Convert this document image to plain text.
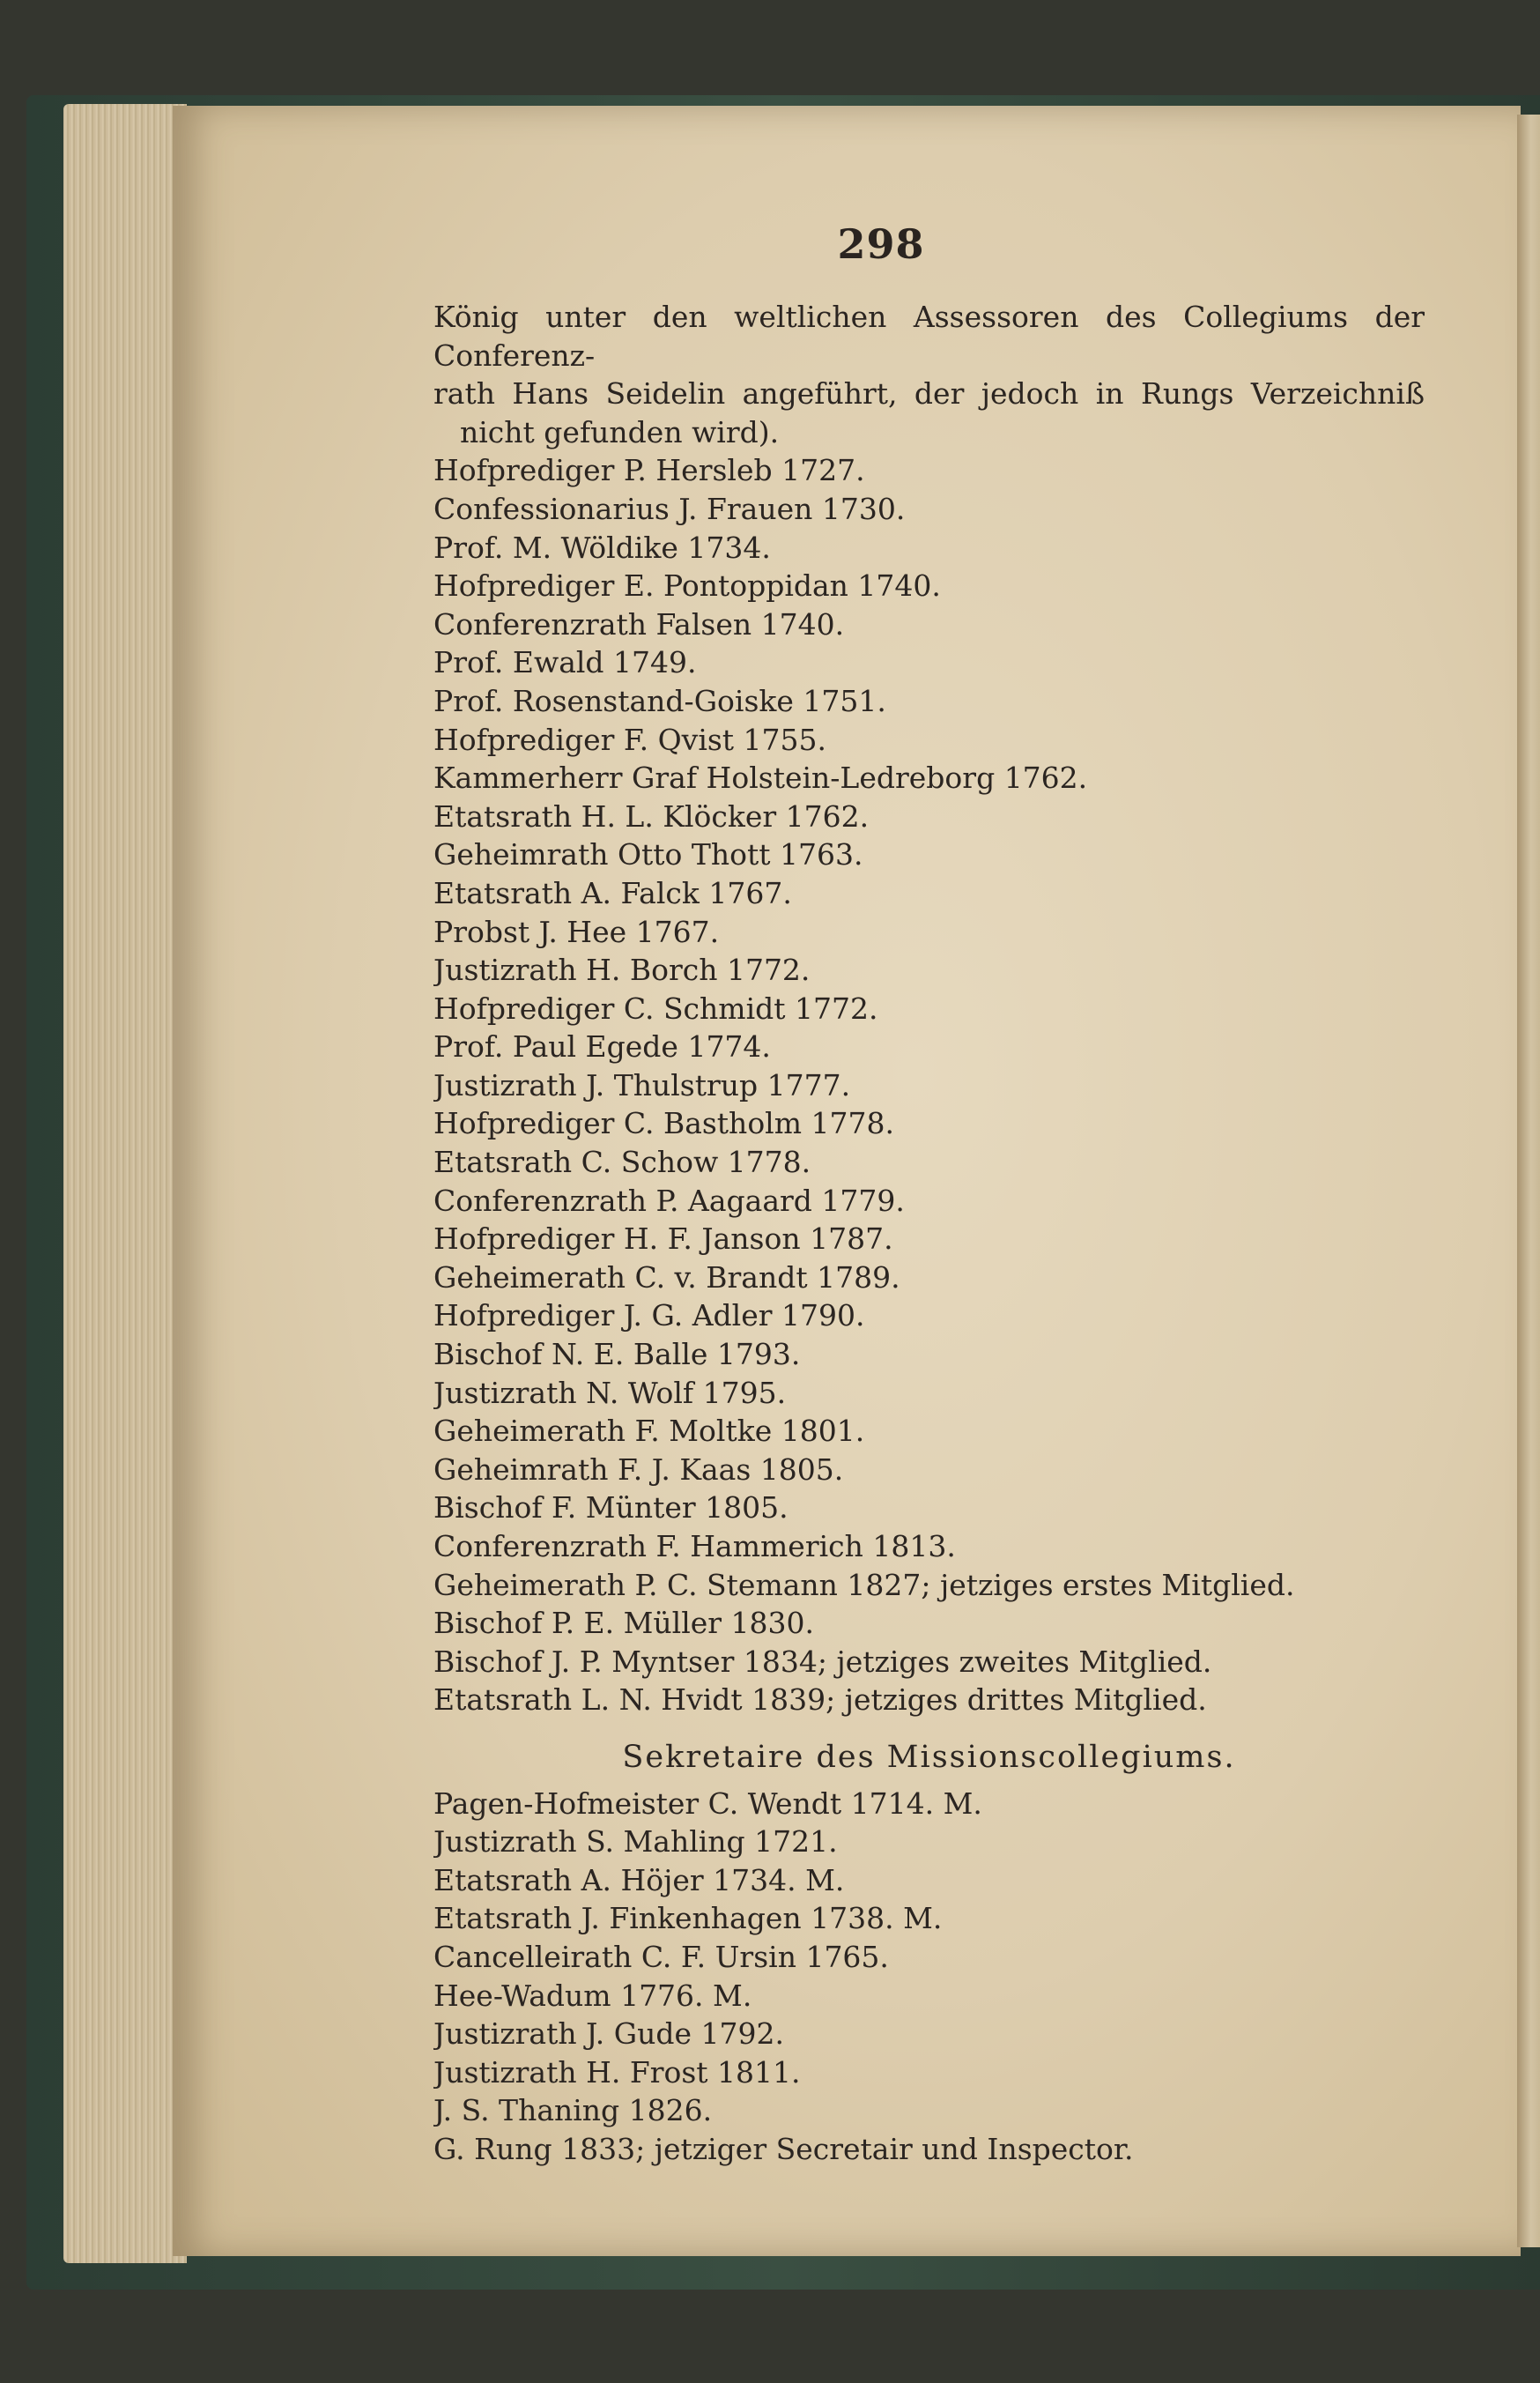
298
König unter den weltlichen Assessoren des Collegiums der Conferenz-
rath Hans Seidelin angeführt, der jedoch in Rungs Verzeichniß
nicht gefunden wird).
Hofprediger P. Hersleb 1727.
Confessionarius J. Frauen 1730.
Prof. M. Wöldike 1734.
Hofprediger E. Pontoppidan 1740.
Conferenzrath Falsen 1740.
Prof. Ewald 1749.
Prof. Rosenstand-Goiske 1751.
Hofprediger F. Qvist 1755.
Kammerherr Graf Holstein-Ledreborg 1762.
Etatsrath H. L. Klöcker 1762.
Geheimrath Otto Thott 1763.
Etatsrath A. Falck 1767.
Probst J. Hee 1767.
Justizrath H. Borch 1772.
Hofprediger C. Schmidt 1772.
Prof. Paul Egede 1774.
Justizrath J. Thulstrup 1777.
Hofprediger C. Bastholm 1778.
Etatsrath C. Schow 1778.
Conferenzrath P. Aagaard 1779.
Hofprediger H. F. Janson 1787.
Geheimerath C. v. Brandt 1789.
Hofprediger J. G. Adler 1790.
Bischof N. E. Balle 1793.
Justizrath N. Wolf 1795.
Geheimerath F. Moltke 1801.
Geheimrath F. J. Kaas 1805.
Bischof F. Münter 1805.
Conferenzrath F. Hammerich 1813.
Geheimerath P. C. Stemann 1827; jetziges erstes Mitglied.
Bischof P. E. Müller 1830.
Bischof J. P. Myntser 1834; jetziges zweites Mitglied.
Etatsrath L. N. Hvidt 1839; jetziges drittes Mitglied.
Sekretaire des Missionscollegiums.
Pagen-Hofmeister C. Wendt 1714. M.
Justizrath S. Mahling 1721.
Etatsrath A. Höjer 1734. M.
Etatsrath J. Finkenhagen 1738. M.
Cancelleirath C. F. Ursin 1765.
Hee-Wadum 1776. M.
Justizrath J. Gude 1792.
Justizrath H. Frost 1811.
J. S. Thaning 1826.
G. Rung 1833; jetziger Secretair und Inspector.
